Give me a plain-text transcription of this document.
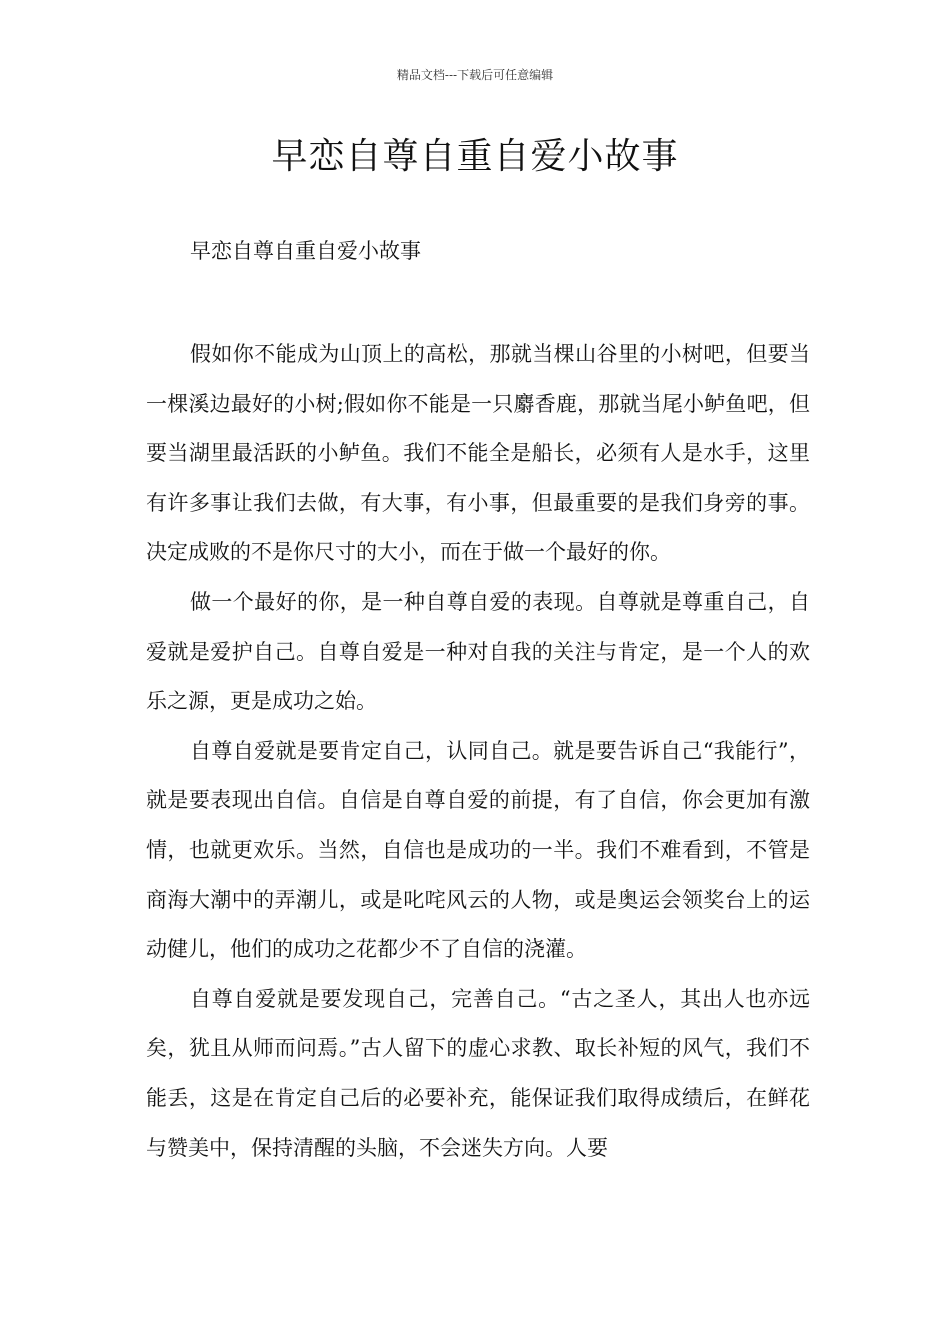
精品文档---下载后可任意编辑
早恋自尊自重自爱小故事
早恋自尊自重自爱小故事

假如你不能成为山顶上的高松，那就当棵山谷里的小树吧，但要当一棵溪边最好的小树;假如你不能是一只麝香鹿，那就当尾小鲈鱼吧，但要当湖里最活跃的小鲈鱼。我们不能全是船长，必须有人是水手，这里有许多事让我们去做，有大事，有小事，但最重要的是我们身旁的事。决定成败的不是你尺寸的大小，而在于做一个最好的你。

做一个最好的你，是一种自尊自爱的表现。自尊就是尊重自己，自爱就是爱护自己。自尊自爱是一种对自我的关注与肯定，是一个人的欢乐之源，更是成功之始。

自尊自爱就是要肯定自己，认同自己。就是要告诉自己“我能行”，就是要表现出自信。自信是自尊自爱的前提，有了自信，你会更加有激情，也就更欢乐。当然，自信也是成功的一半。我们不难看到，不管是商海大潮中的弄潮儿，或是叱咤风云的人物，或是奥运会领奖台上的运动健儿，他们的成功之花都少不了自信的浇灌。

自尊自爱就是要发现自己，完善自己。“古之圣人，其出人也亦远矣，犹且从师而问焉。”古人留下的虚心求教、取长补短的风气，我们不能丢，这是在肯定自己后的必要补充，能保证我们取得成绩后，在鲜花与赞美中，保持清醒的头脑，不会迷失方向。人要
